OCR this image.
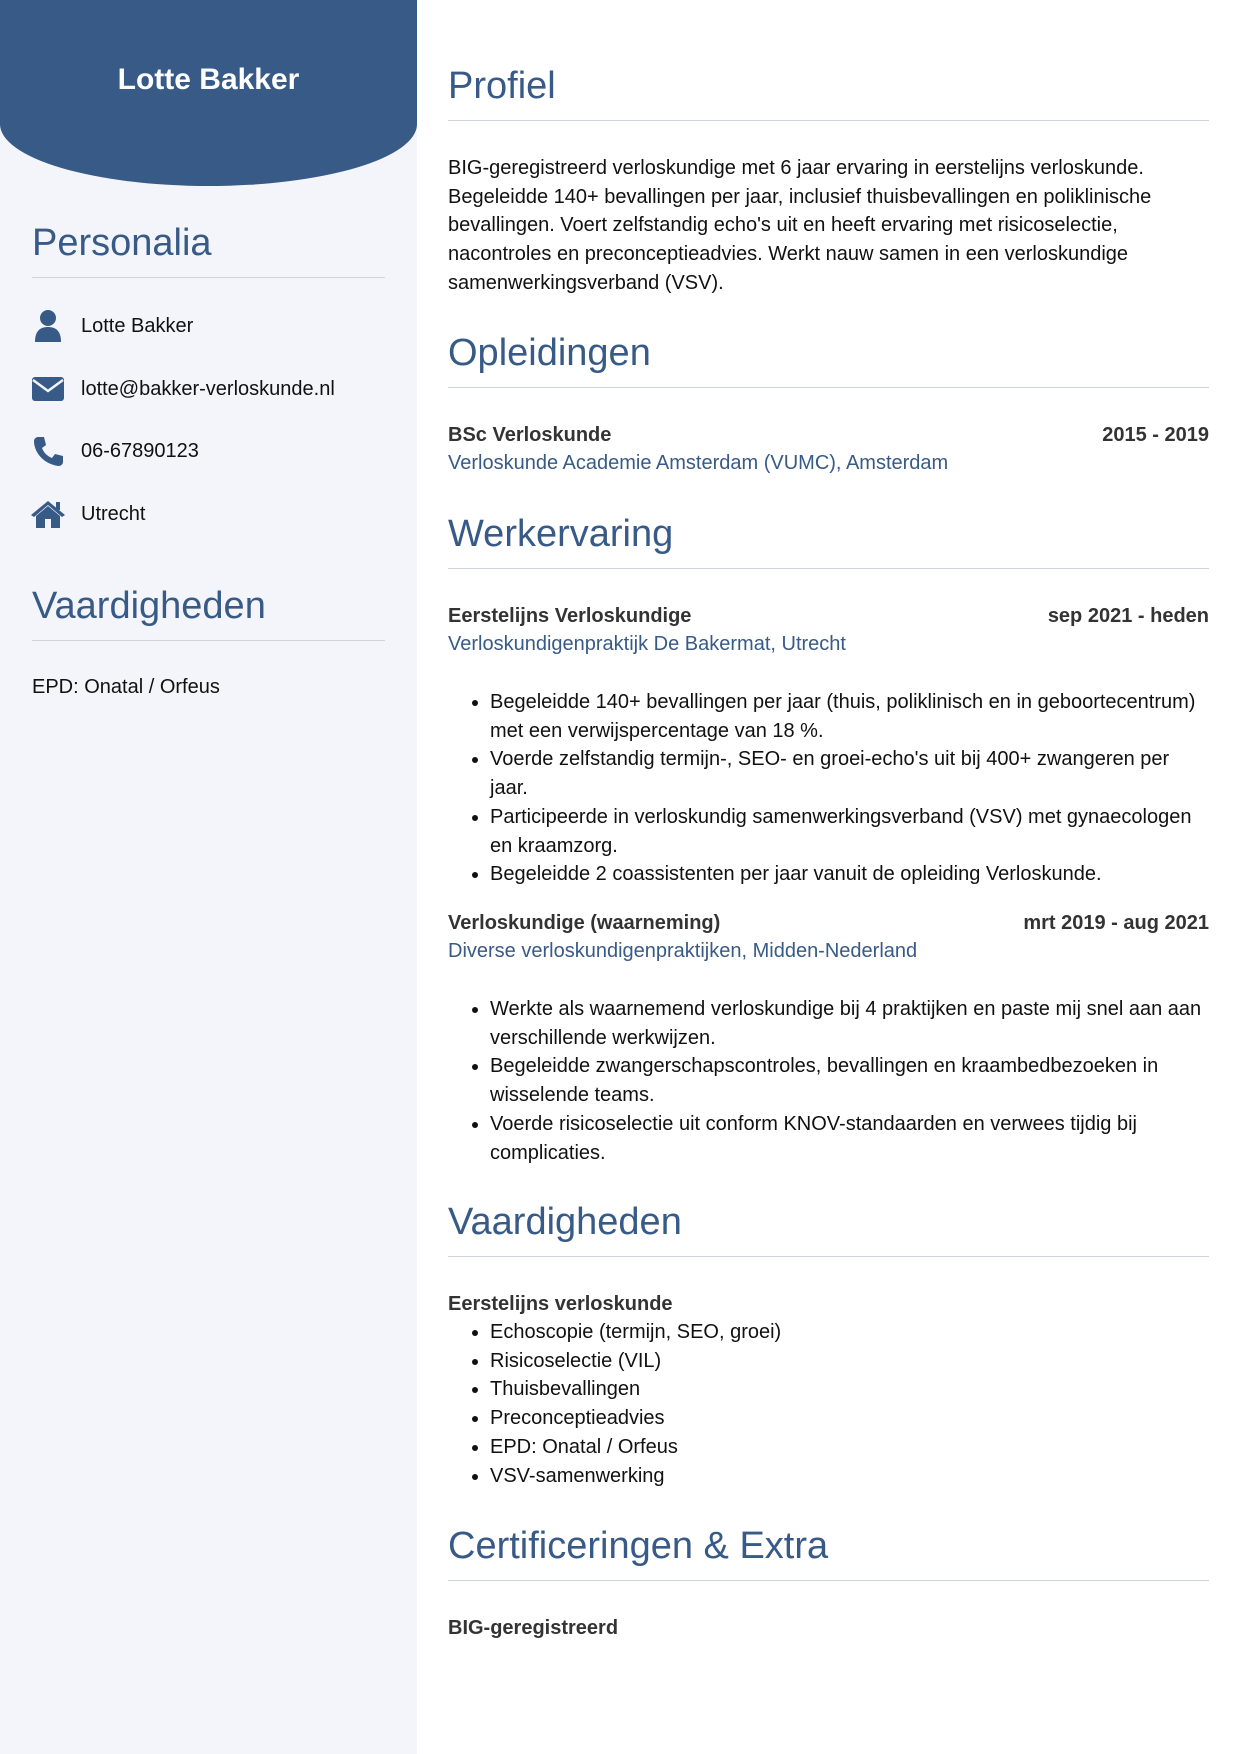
Lotte Bakker
Personalia
Lotte Bakker
lotte@bakker-verloskunde.nl
06-67890123
Utrecht
Vaardigheden
EPD: Onatal / Orfeus
Profiel
BIG-geregistreerd verloskundige met 6 jaar ervaring in eerstelijns verloskunde. Begeleidde 140+ bevallingen per jaar, inclusief thuisbevallingen en poliklinische bevallingen. Voert zelfstandig echo's uit en heeft ervaring met risicoselectie, nacontroles en preconceptieadvies. Werkt nauw samen in een verloskundige samenwerkingsverband (VSV).
Opleidingen
BSc Verloskunde	2015 - 2019
Verloskunde Academie Amsterdam (VUMC), Amsterdam
Werkervaring
Eerstelijns Verloskundige	sep 2021 - heden
Verloskundigenpraktijk De Bakermat, Utrecht
• Begeleidde 140+ bevallingen per jaar (thuis, poliklinisch en in geboortecentrum) met een verwijspercentage van 18 %.
• Voerde zelfstandig termijn-, SEO- en groei-echo's uit bij 400+ zwangeren per jaar.
• Participeerde in verloskundig samenwerkingsverband (VSV) met gynaecologen en kraamzorg.
• Begeleidde 2 coassistenten per jaar vanuit de opleiding Verloskunde.
Verloskundige (waarneming)	mrt 2019 - aug 2021
Diverse verloskundigenpraktijken, Midden-Nederland
• Werkte als waarnemend verloskundige bij 4 praktijken en paste mij snel aan aan verschillende werkwijzen.
• Begeleidde zwangerschapscontroles, bevallingen en kraambedbezoeken in wisselende teams.
• Voerde risicoselectie uit conform KNOV-standaarden en verwees tijdig bij complicaties.
Vaardigheden
Eerstelijns verloskunde
• Echoscopie (termijn, SEO, groei)
• Risicoselectie (VIL)
• Thuisbevallingen
• Preconceptieadvies
• EPD: Onatal / Orfeus
• VSV-samenwerking
Certificeringen & Extra
BIG-geregistreerd
